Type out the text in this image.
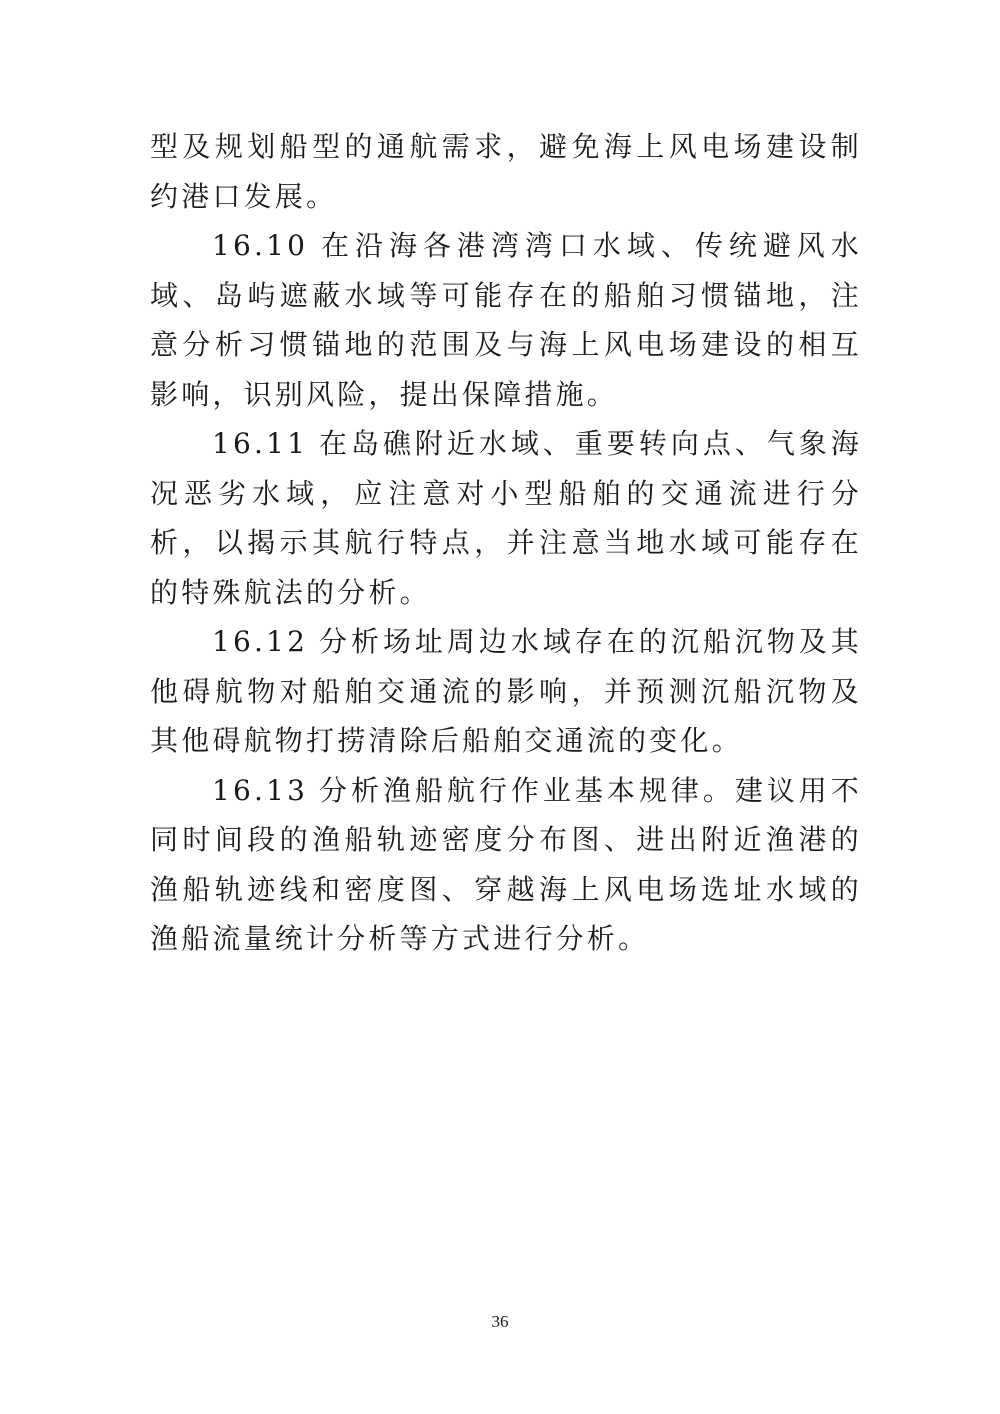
型及规划船型的通航需求，避免海上风电场建设制约港口发展。

16.10 在沿海各港湾湾口水域、传统避风水域、岛屿遮蔽水域等可能存在的船舶习惯锚地，注意分析习惯锚地的范围及与海上风电场建设的相互影响，识别风险，提出保障措施。

16.11 在岛礁附近水域、重要转向点、气象海况恶劣水域，应注意对小型船舶的交通流进行分析，以揭示其航行特点，并注意当地水域可能存在的特殊航法的分析。

16.12 分析场址周边水域存在的沉船沉物及其他碍航物对船舶交通流的影响，并预测沉船沉物及其他碍航物打捞清除后船舶交通流的变化。

16.13 分析渔船航行作业基本规律。建议用不同时间段的渔船轨迹密度分布图、进出附近渔港的渔船轨迹线和密度图、穿越海上风电场选址水域的渔船流量统计分析等方式进行分析。

36
